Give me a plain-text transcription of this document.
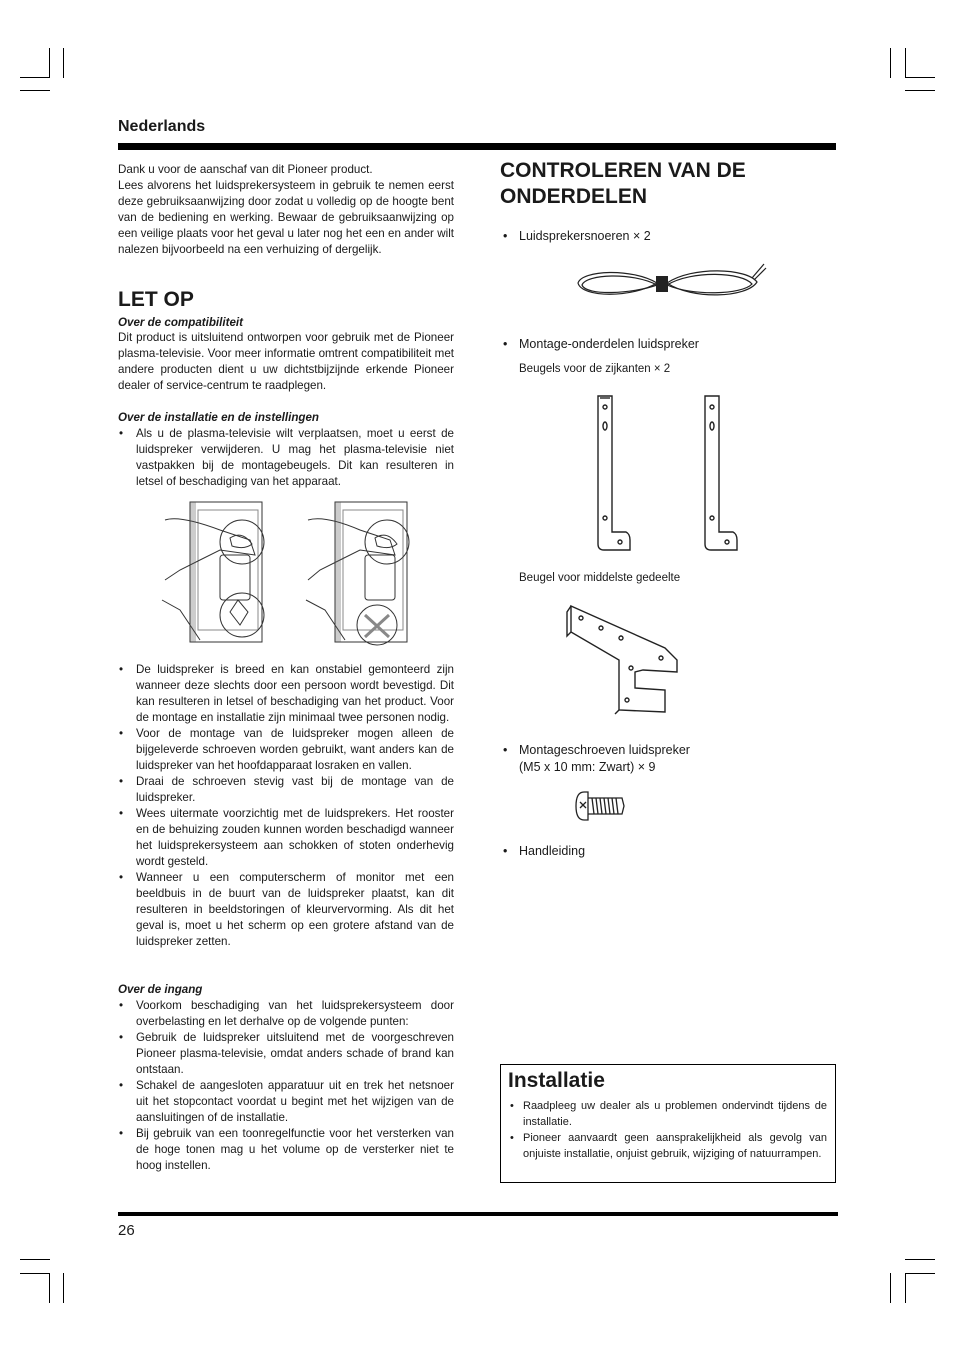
Nederlands
Dank u voor de aanschaf van dit Pioneer product.
Lees alvorens het luidsprekersysteem in gebruik te nemen eerst deze gebruiksaanwijzing door zodat u volledig op de hoogte bent van de bediening en werking. Bewaar de gebruiksaanwijzing op een veilige plaats voor het geval u later nog het een en ander wilt nalezen bijvoorbeeld na een verhuizing of dergelijk.
LET OP
Over de compatibiliteit
Dit product is uitsluitend ontworpen voor gebruik met de Pioneer plasma-televisie. Voor meer informatie omtrent compatibiliteit met andere producten dient u uw dichtstbijzijnde erkende Pioneer dealer of service-centrum te raadplegen.
Over de installatie en de instellingen
• Als u de plasma-televisie wilt verplaatsen, moet u eerst de luidspreker verwijderen. U mag het plasma-televisie niet vastpakken bij de montagebeugels. Dit kan resulteren in letsel of beschadiging van het apparaat.
• De luidspreker is breed en kan onstabiel gemonteerd zijn wanneer deze slechts door een persoon wordt bevestigd. Dit kan resulteren in letsel of beschadiging van het product. Voor de montage en installatie zijn minimaal twee personen nodig.
• Voor de montage van de luidspreker mogen alleen de bijgeleverde schroeven worden gebruikt, want anders kan de luidspreker van het hoofdapparaat losraken en vallen.
• Draai de schroeven stevig vast bij de montage van de luidspreker.
• Wees uitermate voorzichtig met de luidsprekers. Het rooster en de behuizing zouden kunnen worden beschadigd wanneer het luidsprekersysteem aan schokken of stoten onderhevig wordt gesteld.
• Wanneer u een computerscherm of monitor met een beeldbuis in de buurt van de luidspreker plaatst, kan dit resulteren in beeldstoringen of kleurvervorming. Als dit het geval is, moet u het scherm op een grotere afstand van de luidspreker zetten.
Over de ingang
• Voorkom beschadiging van het luidsprekersysteem door overbelasting en let derhalve op de volgende punten:
• Gebruik de luidspreker uitsluitend met de voorgeschreven Pioneer plasma-televisie, omdat anders schade of brand kan ontstaan.
• Schakel de aangesloten apparatuur uit en trek het netsnoer uit het stopcontact voordat u begint met het wijzigen van de aansluitingen of de installatie.
• Bij gebruik van een toonregelfunctie voor het versterken van de hoge tonen mag u het volume op de versterker niet te hoog instellen.
CONTROLEREN VAN DE ONDERDELEN
• Luidsprekersnoeren × 2
• Montage-onderdelen luidspreker
Beugels voor de zijkanten × 2
Beugel voor middelste gedeelte
• Montageschroeven luidspreker
(M5 x 10 mm: Zwart) × 9
• Handleiding
Installatie
• Raadpleeg uw dealer als u problemen ondervindt tijdens de installatie.
• Pioneer aanvaardt geen aansprakelijkheid als gevolg van onjuiste installatie, onjuist gebruik, wijziging of natuurrampen.
26
